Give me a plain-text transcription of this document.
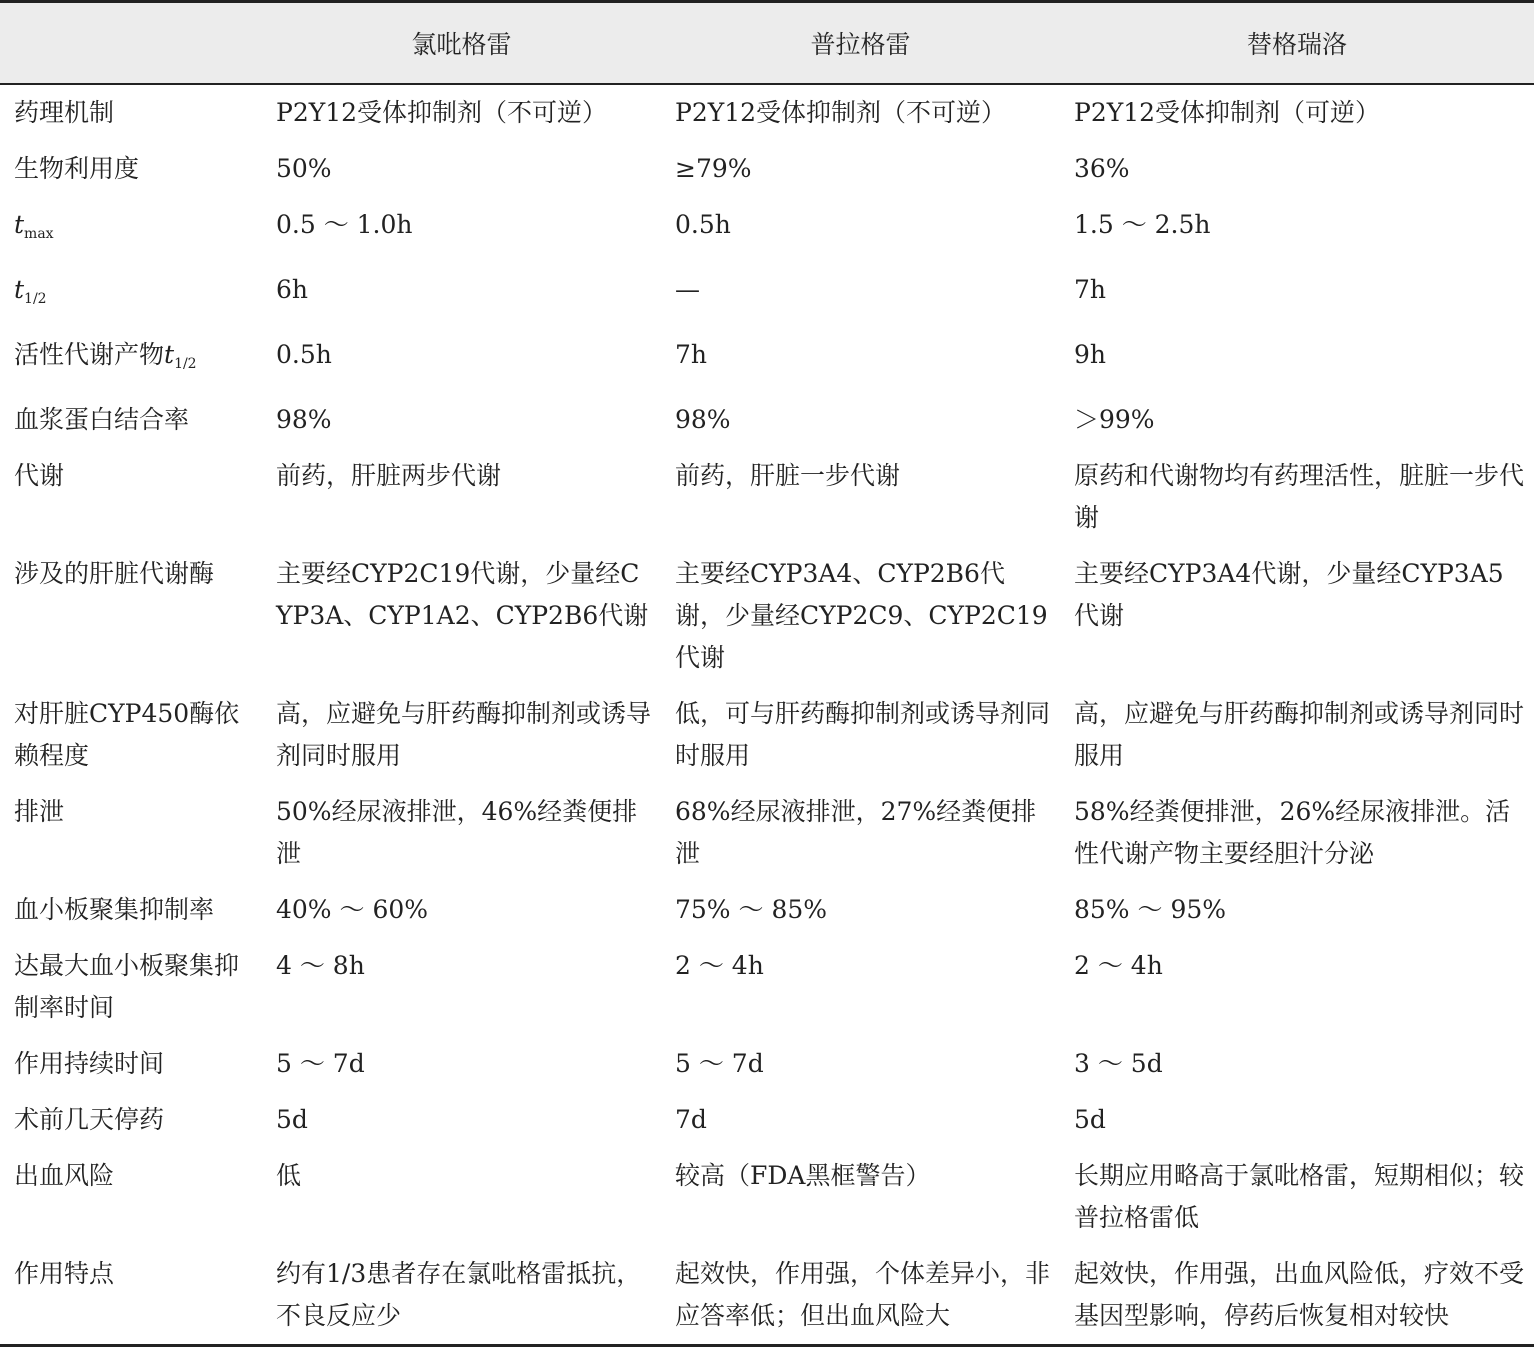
	氯吡格雷	普拉格雷	替格瑞洛
药理机制	P2Y12受体抑制剂（不可逆）	P2Y12受体抑制剂（不可逆）	P2Y12受体抑制剂（可逆）
生物利用度	50%	≥79%	36%
$t_{max}$	0.5 ～ 1.0h	0.5h	1.5 ～ 2.5h
$t_{1/2}$	6h	—	7h
活性代谢产物$t_{1/2}$	0.5h	7h	9h
血浆蛋白结合率	98%	98%	＞99%
代谢	前药，肝脏两步代谢	前药，肝脏一步代谢	原药和代谢物均有药理活性，脏脏一步代谢
涉及的肝脏代谢酶	主要经CYP2C19代谢，少量经CYP3A、CYP1A2、CYP2B6代谢	主要经CYP3A4、CYP2B6代谢，少量经CYP2C9、CYP2C19代谢	主要经CYP3A4代谢，少量经CYP3A5代谢
对肝脏CYP450酶依赖程度	高，应避免与肝药酶抑制剂或诱导剂同时服用	低，可与肝药酶抑制剂或诱导剂同时服用	高，应避免与肝药酶抑制剂或诱导剂同时服用
排泄	50%经尿液排泄，46%经粪便排泄	68%经尿液排泄，27%经粪便排泄	58%经粪便排泄，26%经尿液排泄。活性代谢产物主要经胆汁分泌
血小板聚集抑制率	40% ～ 60%	75% ～ 85%	85% ～ 95%
达最大血小板聚集抑制率时间	4 ～ 8h	2 ～ 4h	2 ～ 4h
作用持续时间	5 ～ 7d	5 ～ 7d	3 ～ 5d
术前几天停药	5d	7d	5d
出血风险	低	较高（FDA黑框警告）	长期应用略高于氯吡格雷，短期相似；较普拉格雷低
作用特点	约有1/3患者存在氯吡格雷抵抗，不良反应少	起效快，作用强，个体差异小，非应答率低；但出血风险大	起效快，作用强，出血风险低，疗效不受基因型影响，停药后恢复相对较快
